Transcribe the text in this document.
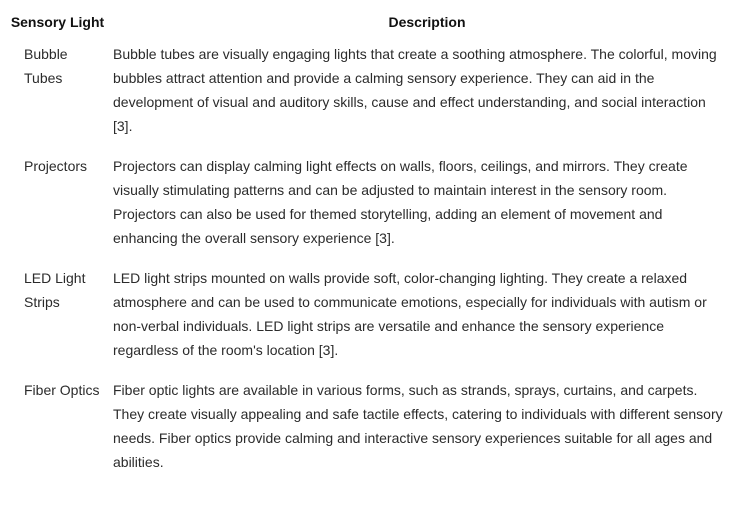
Sensory Light	Description
Bubble Tubes	Bubble tubes are visually engaging lights that create a soothing atmosphere. The colorful, moving bubbles attract attention and provide a calming sensory experience. They can aid in the development of visual and auditory skills, cause and effect understanding, and social interaction [3].
Projectors	Projectors can display calming light effects on walls, floors, ceilings, and mirrors. They create visually stimulating patterns and can be adjusted to maintain interest in the sensory room. Projectors can also be used for themed storytelling, adding an element of movement and enhancing the overall sensory experience [3].
LED Light Strips	LED light strips mounted on walls provide soft, color-changing lighting. They create a relaxed atmosphere and can be used to communicate emotions, especially for individuals with autism or non-verbal individuals. LED light strips are versatile and enhance the sensory experience regardless of the room's location [3].
Fiber Optics	Fiber optic lights are available in various forms, such as strands, sprays, curtains, and carpets. They create visually appealing and safe tactile effects, catering to individuals with different sensory needs. Fiber optics provide calming and interactive sensory experiences suitable for all ages and abilities.
